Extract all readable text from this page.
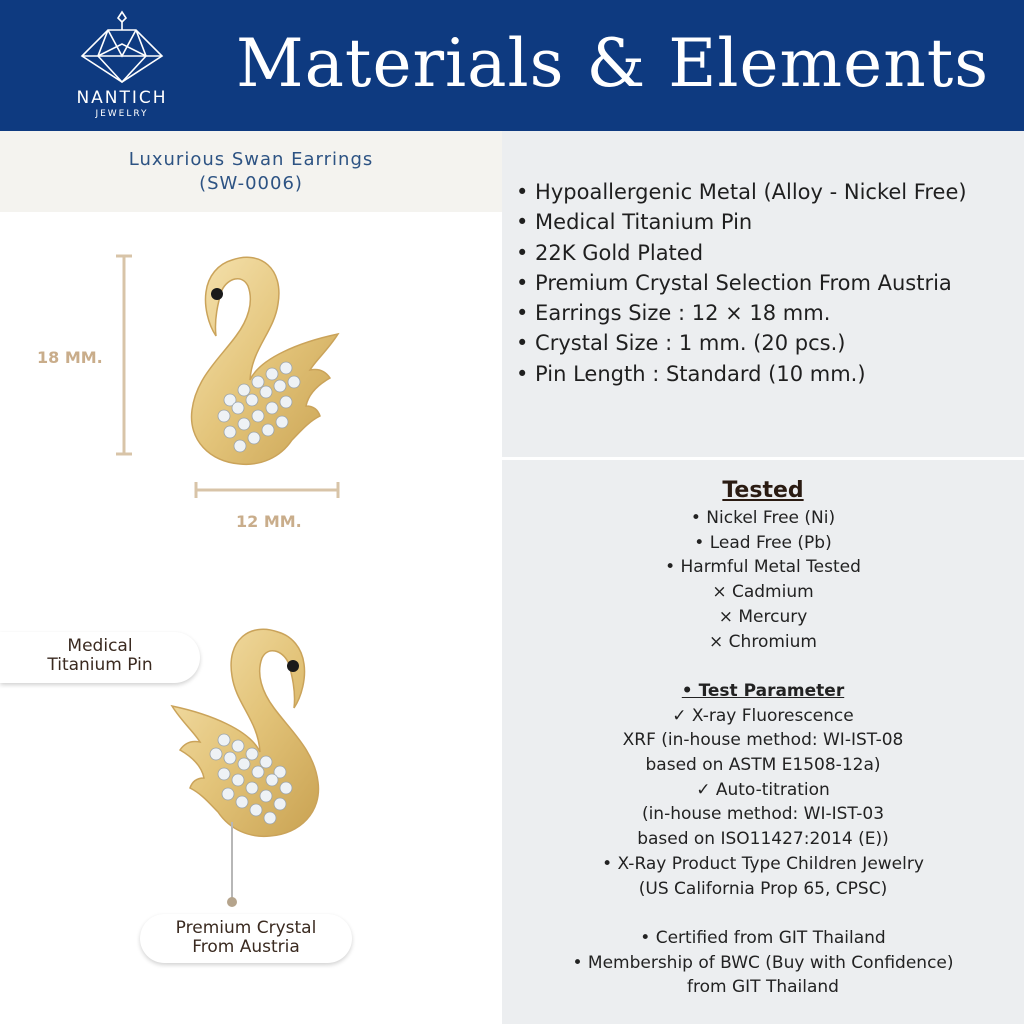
NANTICH
JEWELRY
Materials & Elements
Luxurious Swan Earrings
(SW-0006)
18 MM.
12 MM.
Medical
Titanium Pin
Premium Crystal
From Austria
• Hypoallergenic Metal (Alloy - Nickel Free)
• Medical Titanium Pin
• 22K Gold Plated
• Premium Crystal Selection From Austria
• Earrings Size : 12 × 18 mm.
• Crystal Size : 1 mm. (20 pcs.)
• Pin Length : Standard (10 mm.)
Tested
• Nickel Free (Ni)
• Lead Free (Pb)
• Harmful Metal Tested
× Cadmium
× Mercury
× Chromium
• Test Parameter
✓ X-ray Fluorescence
XRF (in-house method: WI-IST-08
based on ASTM E1508-12a)
✓ Auto-titration
(in-house method: WI-IST-03
based on ISO11427:2014 (E))
• X-Ray Product Type Children Jewelry
(US California Prop 65, CPSC)
• Certified from GIT Thailand
• Membership of BWC (Buy with Confidence)
from GIT Thailand
